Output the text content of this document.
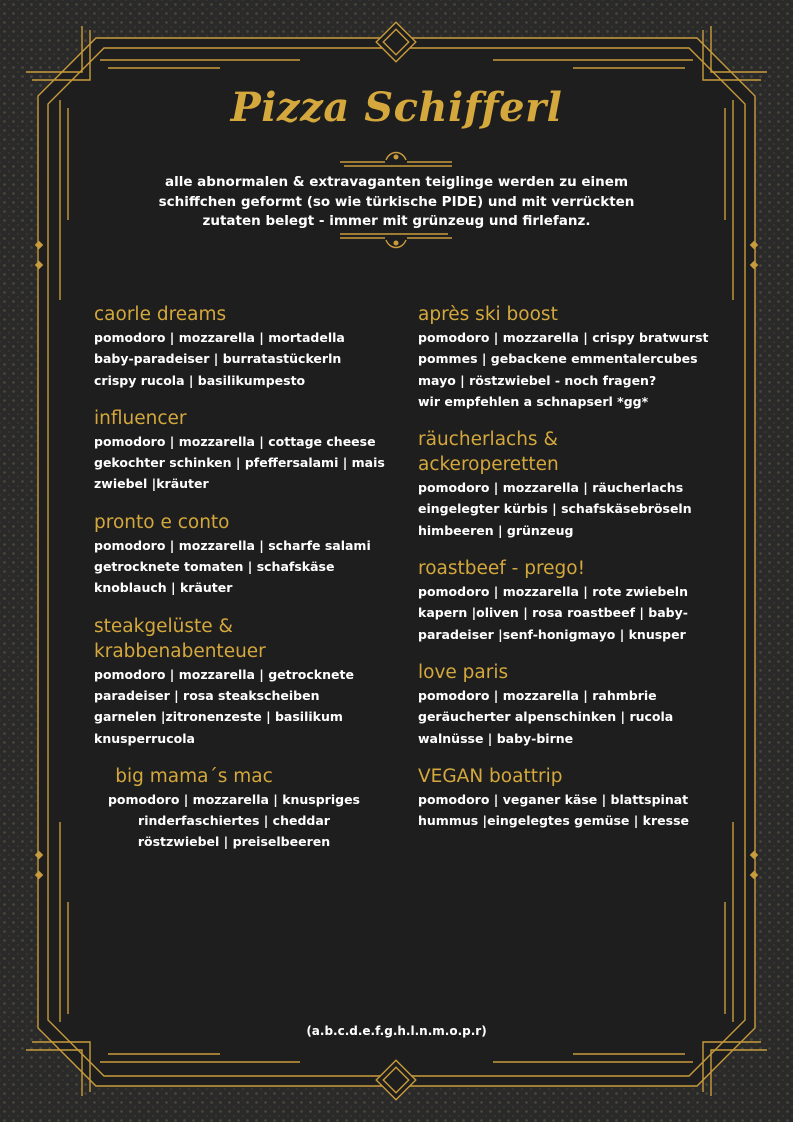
Pizza Schifferl
alle abnormalen & extravaganten teiglinge werden zu einem
schiffchen geformt (so wie türkische PIDE) und mit verrückten
zutaten belegt - immer mit grünzeug und firlefanz.
caorle dreams
pomodoro | mozzarella | mortadella
baby-paradeiser | burratastückerln
crispy rucola | basilikumpesto
influencer
pomodoro | mozzarella | cottage cheese
gekochter schinken | pfeffersalami | mais
zwiebel |kräuter
pronto e conto
pomodoro | mozzarella | scharfe salami
getrocknete tomaten | schafskäse
knoblauch | kräuter
steakgelüste &
krabbenabenteuer
pomodoro | mozzarella | getrocknete
paradeiser | rosa steakscheiben
garnelen |zitronenzeste | basilikum
knusperrucola
big mama´s mac
pomodoro | mozzarella | knuspriges
rinderfaschiertes | cheddar
röstzwiebel | preiselbeeren
après ski boost
pomodoro | mozzarella | crispy bratwurst
pommes | gebackene emmentalercubes
mayo | röstzwiebel - noch fragen?
wir empfehlen a schnapserl *gg*
räucherlachs &
ackeroperetten
pomodoro | mozzarella | räucherlachs
eingelegter kürbis | schafskäsebröseln
himbeeren | grünzeug
roastbeef - prego!
pomodoro | mozzarella | rote zwiebeln
kapern |oliven | rosa roastbeef | baby-
paradeiser |senf-honigmayo | knusper
love paris
pomodoro | mozzarella | rahmbrie
geräucherter alpenschinken | rucola
walnüsse | baby-birne
VEGAN boattrip
pomodoro | veganer käse | blattspinat
hummus |eingelegtes gemüse | kresse
(a.b.c.d.e.f.g.h.l.n.m.o.p.r)
